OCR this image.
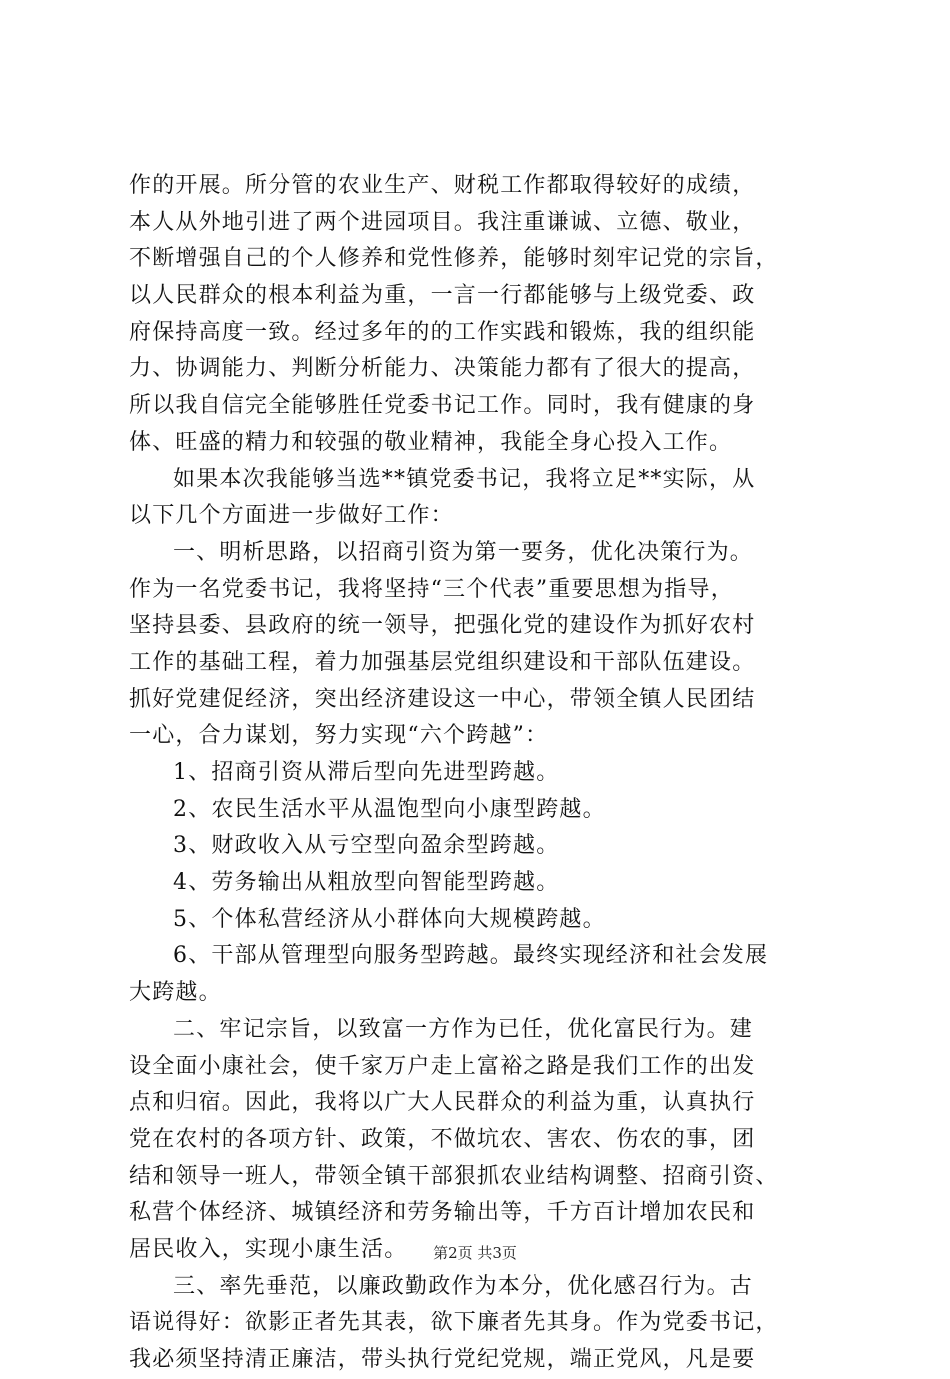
作的开展。所分管的农业生产、财税工作都取得较好的成绩，
本人从外地引进了两个进园项目。我注重谦诚、立德、敬业，
不断增强自己的个人修养和党性修养，能够时刻牢记党的宗旨，
以人民群众的根本利益为重，一言一行都能够与上级党委、政
府保持高度一致。经过多年的的工作实践和锻炼，我的组织能
力、协调能力、判断分析能力、决策能力都有了很大的提高，
所以我自信完全能够胜任党委书记工作。同时，我有健康的身
体、旺盛的精力和较强的敬业精神，我能全身心投入工作。
如果本次我能够当选**镇党委书记，我将立足**实际，从
以下几个方面进一步做好工作：
一、明析思路，以招商引资为第一要务，优化决策行为。
作为一名党委书记，我将坚持“三个代表”重要思想为指导，
坚持县委、县政府的统一领导，把强化党的建设作为抓好农村
工作的基础工程，着力加强基层党组织建设和干部队伍建设。
抓好党建促经济，突出经济建设这一中心，带领全镇人民团结
一心，合力谋划，努力实现“六个跨越”：
1、招商引资从滞后型向先进型跨越。
2、农民生活水平从温饱型向小康型跨越。
3、财政收入从亏空型向盈余型跨越。
4、劳务输出从粗放型向智能型跨越。
5、个体私营经济从小群体向大规模跨越。
6、干部从管理型向服务型跨越。最终实现经济和社会发展
大跨越。
二、牢记宗旨，以致富一方作为已任，优化富民行为。建
设全面小康社会，使千家万户走上富裕之路是我们工作的出发
点和归宿。因此，我将以广大人民群众的利益为重，认真执行
党在农村的各项方针、政策，不做坑农、害农、伤农的事，团
结和领导一班人，带领全镇干部狠抓农业结构调整、招商引资、
私营个体经济、城镇经济和劳务输出等，千方百计增加农民和
居民收入，实现小康生活。
三、率先垂范，以廉政勤政作为本分，优化感召行为。古
语说得好：欲影正者先其表，欲下廉者先其身。作为党委书记，
我必须坚持清正廉洁，带头执行党纪党规，端正党风，凡是要
第2页 共3页
